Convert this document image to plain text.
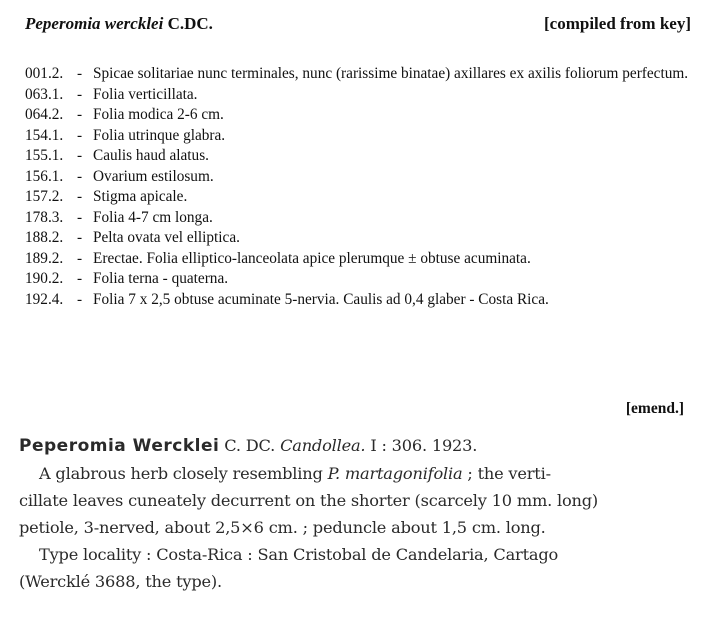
Peperomia wercklei C.DC.	[compiled from key]
001.2. - Spicae solitariae nunc terminales, nunc (rarissime binatae) axillares ex axilis foliorum perfectum.
063.1. - Folia verticillata.
064.2. - Folia modica 2-6 cm.
154.1. - Folia utrinque glabra.
155.1. - Caulis haud alatus.
156.1. - Ovarium estilosum.
157.2. - Stigma apicale.
178.3. - Folia 4-7 cm longa.
188.2. - Pelta ovata vel elliptica.
189.2. - Erectae. Folia elliptico-lanceolata apice plerumque ± obtuse acuminata.
190.2. - Folia terna - quaterna.
192.4. - Folia 7 x 2,5 obtuse acuminate 5-nervia. Caulis ad 0,4 glaber - Costa Rica.
[emend.]
Peperomia Wercklei C. DC. Candollea. I : 306. 1923.
A glabrous herb closely resembling P. martagonifolia ; the verti-
cillate leaves cuneately decurrent on the shorter (scarcely 10 mm. long)
petiole, 3-nerved, about 2,5×6 cm. ; peduncle about 1,5 cm. long.
Type locality : Costa-Rica : San Cristobal de Candelaria, Cartago
(Wercklé 3688, the type).
